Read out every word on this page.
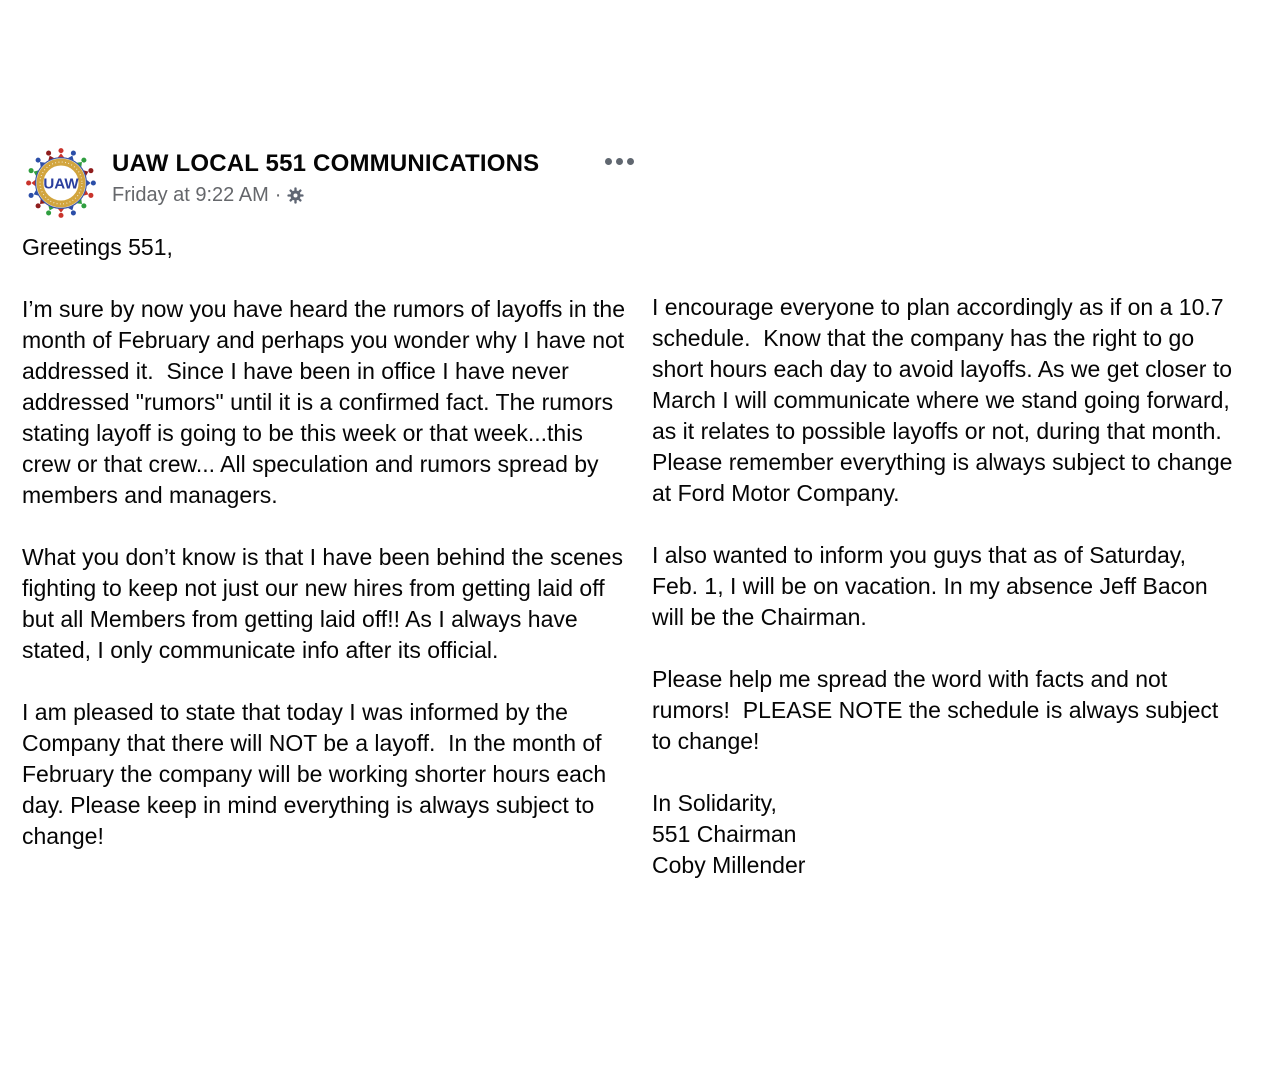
UAW
UAW LOCAL 551 COMMUNICATIONS
Friday at 9:22 AM ·

Greetings 551,

I’m sure by now you have heard the rumors of layoffs in the month of February and perhaps you wonder why I have not addressed it.  Since I have been in office I have never addressed "rumors" until it is a confirmed fact. The rumors stating layoff is going to be this week or that week...this crew or that crew... All speculation and rumors spread by members and managers.

What you don’t know is that I have been behind the scenes fighting to keep not just our new hires from getting laid off but all Members from getting laid off!! As I always have stated, I only communicate info after its official.

I am pleased to state that today I was informed by the Company that there will NOT be a layoff.  In the month of February the company will be working shorter hours each day. Please keep in mind everything is always subject to change!

I encourage everyone to plan accordingly as if on a 10.7 schedule.  Know that the company has the right to go short hours each day to avoid layoffs. As we get closer to March I will communicate where we stand going forward, as it relates to possible layoffs or not, during that month. Please remember everything is always subject to change at Ford Motor Company.

I also wanted to inform you guys that as of Saturday, Feb. 1, I will be on vacation. In my absence Jeff Bacon will be the Chairman.

Please help me spread the word with facts and not rumors!  PLEASE NOTE the schedule is always subject to change!

In Solidarity,

551 Chairman

Coby Millender
